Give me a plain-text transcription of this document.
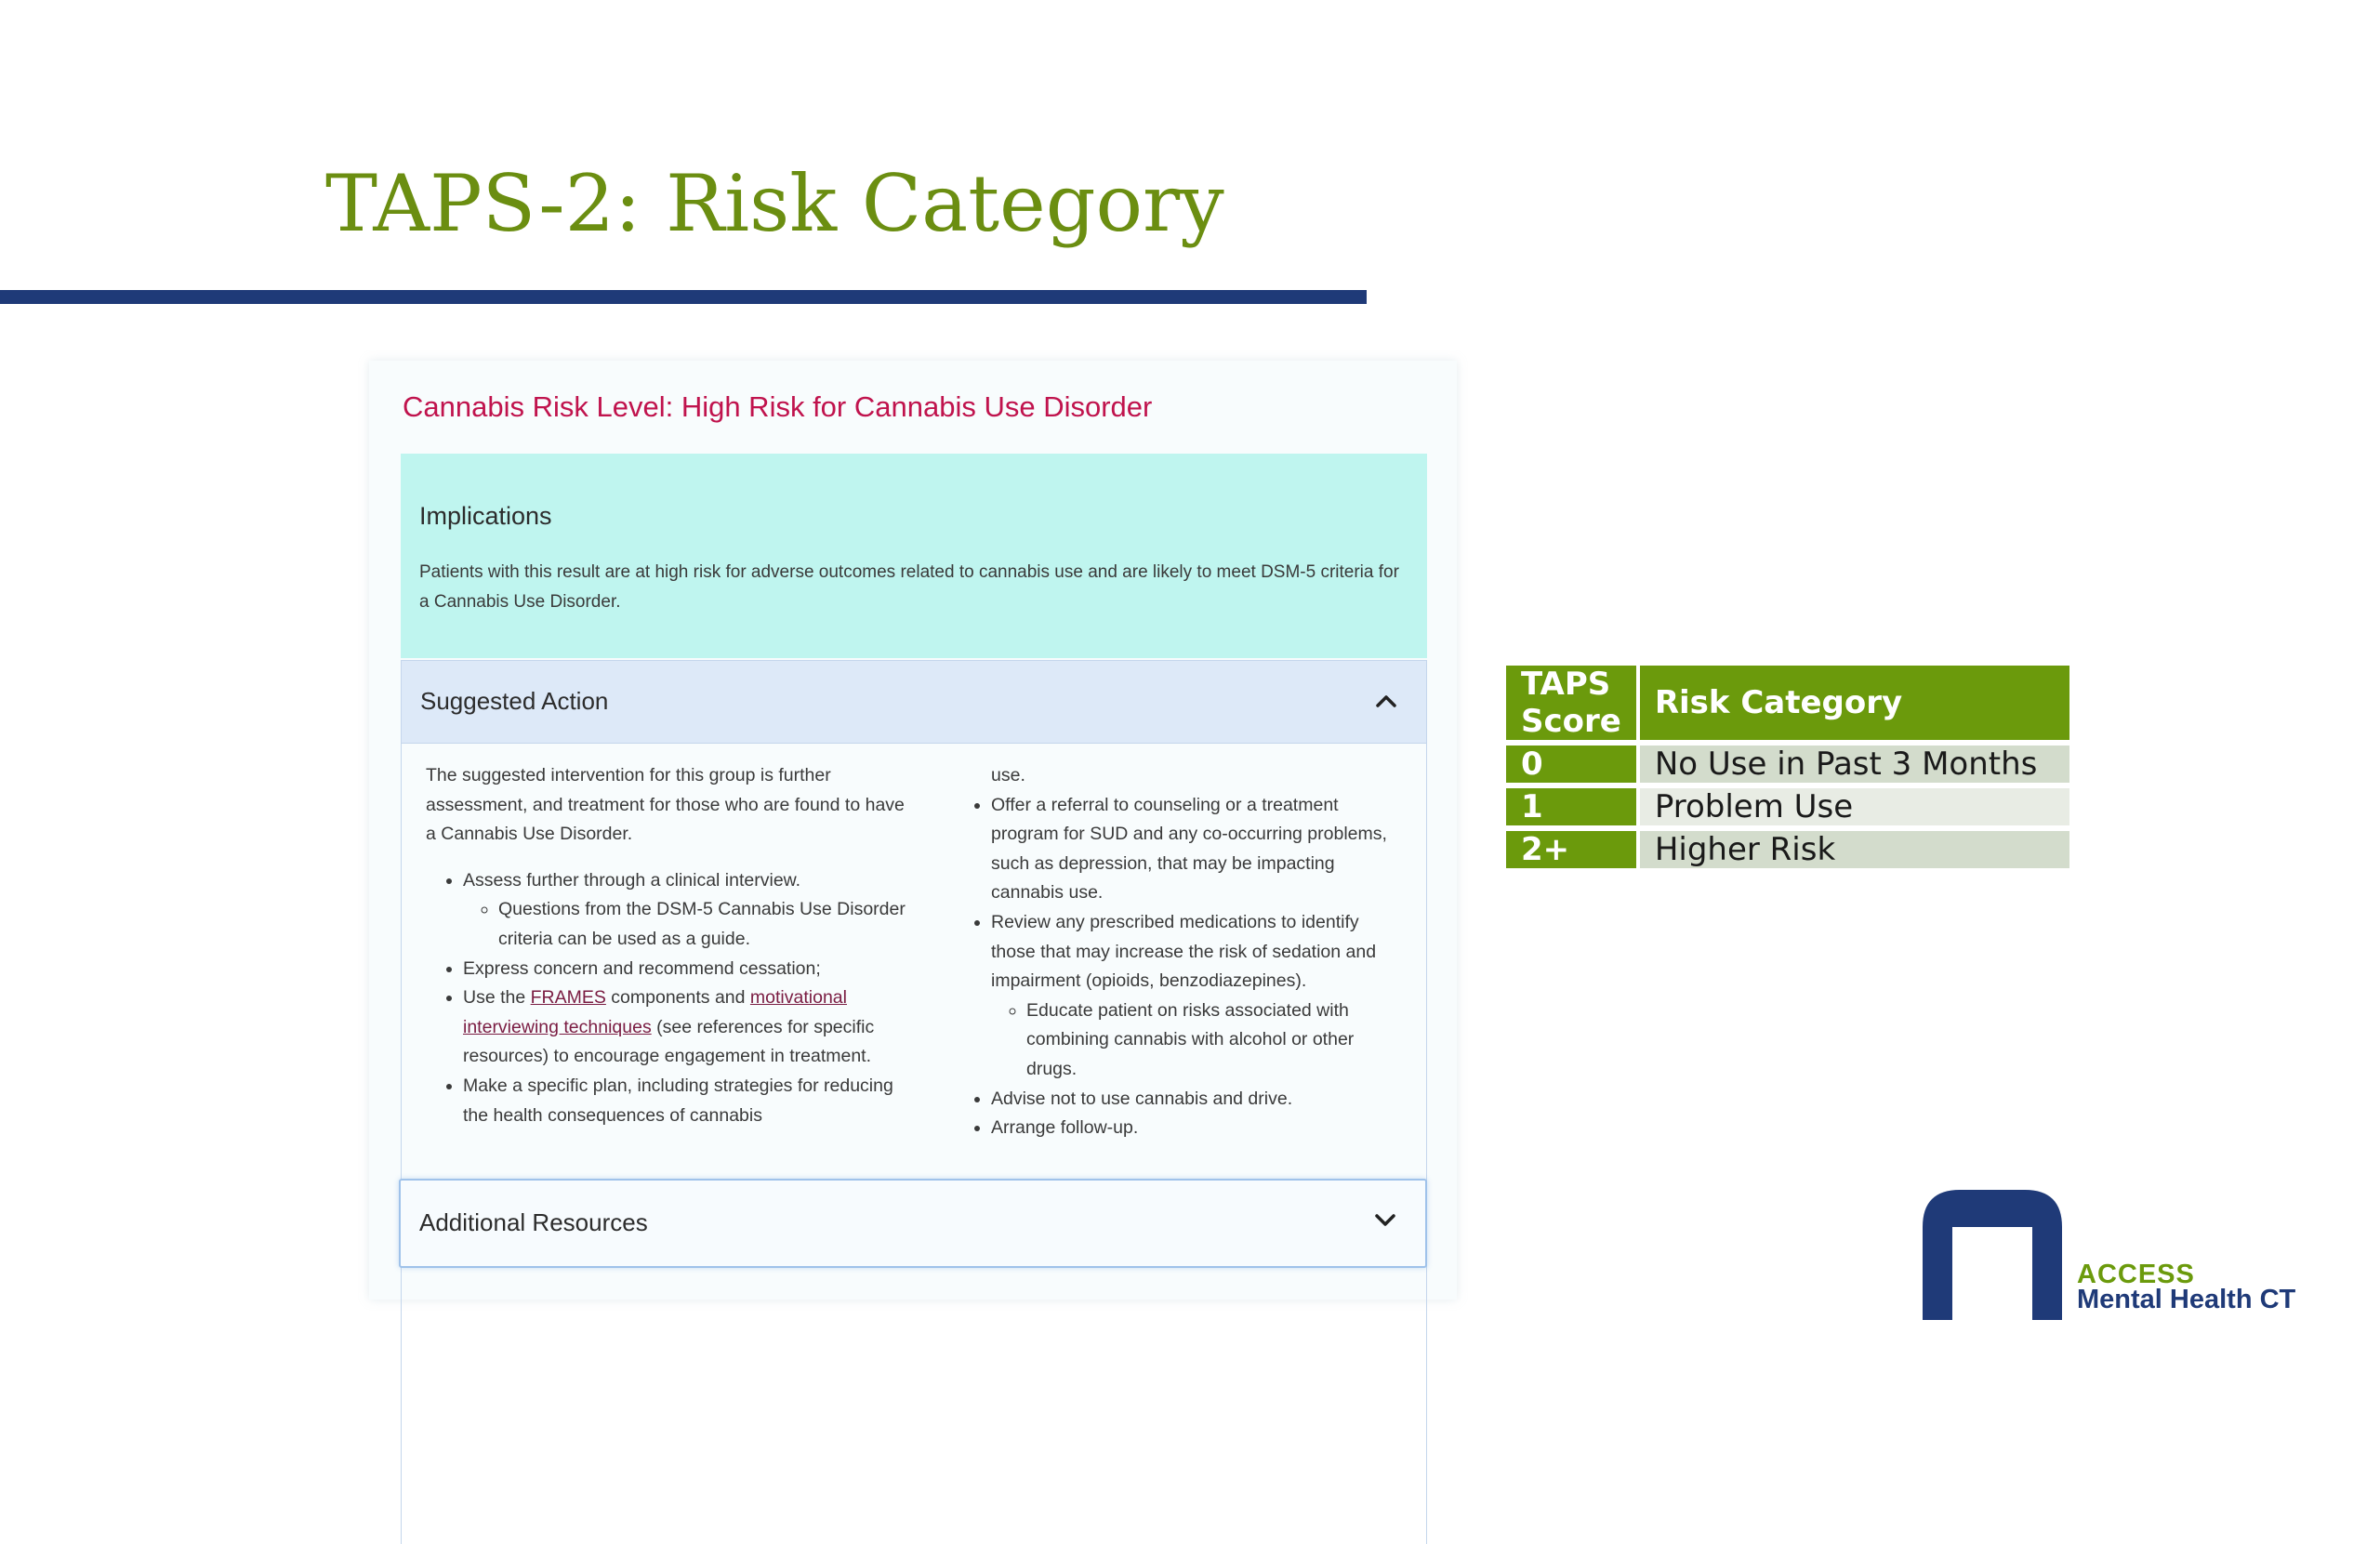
TAPS-2: Risk Category
Cannabis Risk Level: High Risk for Cannabis Use Disorder
Implications
Patients with this result are at high risk for adverse outcomes related to cannabis use and are likely to meet DSM-5 criteria for a Cannabis Use Disorder.
Suggested Action

The suggested intervention for this group is further assessment, and treatment for those who are found to have a Cannabis Use Disorder.

• Assess further through a clinical interview.
◦ Questions from the DSM-5 Cannabis Use Disorder criteria can be used as a guide.
• Express concern and recommend cessation;
• Use the FRAMES components and motivational interviewing techniques (see references for specific resources) to encourage engagement in treatment.
• Make a specific plan, including strategies for reducing the health consequences of cannabis
use.
• Offer a referral to counseling or a treatment program for SUD and any co-occurring problems, such as depression, that may be impacting cannabis use.
• Review any prescribed medications to identify those that may increase the risk of sedation and impairment (opioids, benzodiazepines).
◦ Educate patient on risks associated with combining cannabis with alcohol or other drugs.
• Advise not to use cannabis and drive.
• Arrange follow-up.
Additional Resources
TAPS Score	Risk Category
0	No Use in Past 3 Months
1	Problem Use
2+	Higher Risk
ACCESS
Mental Health CT
